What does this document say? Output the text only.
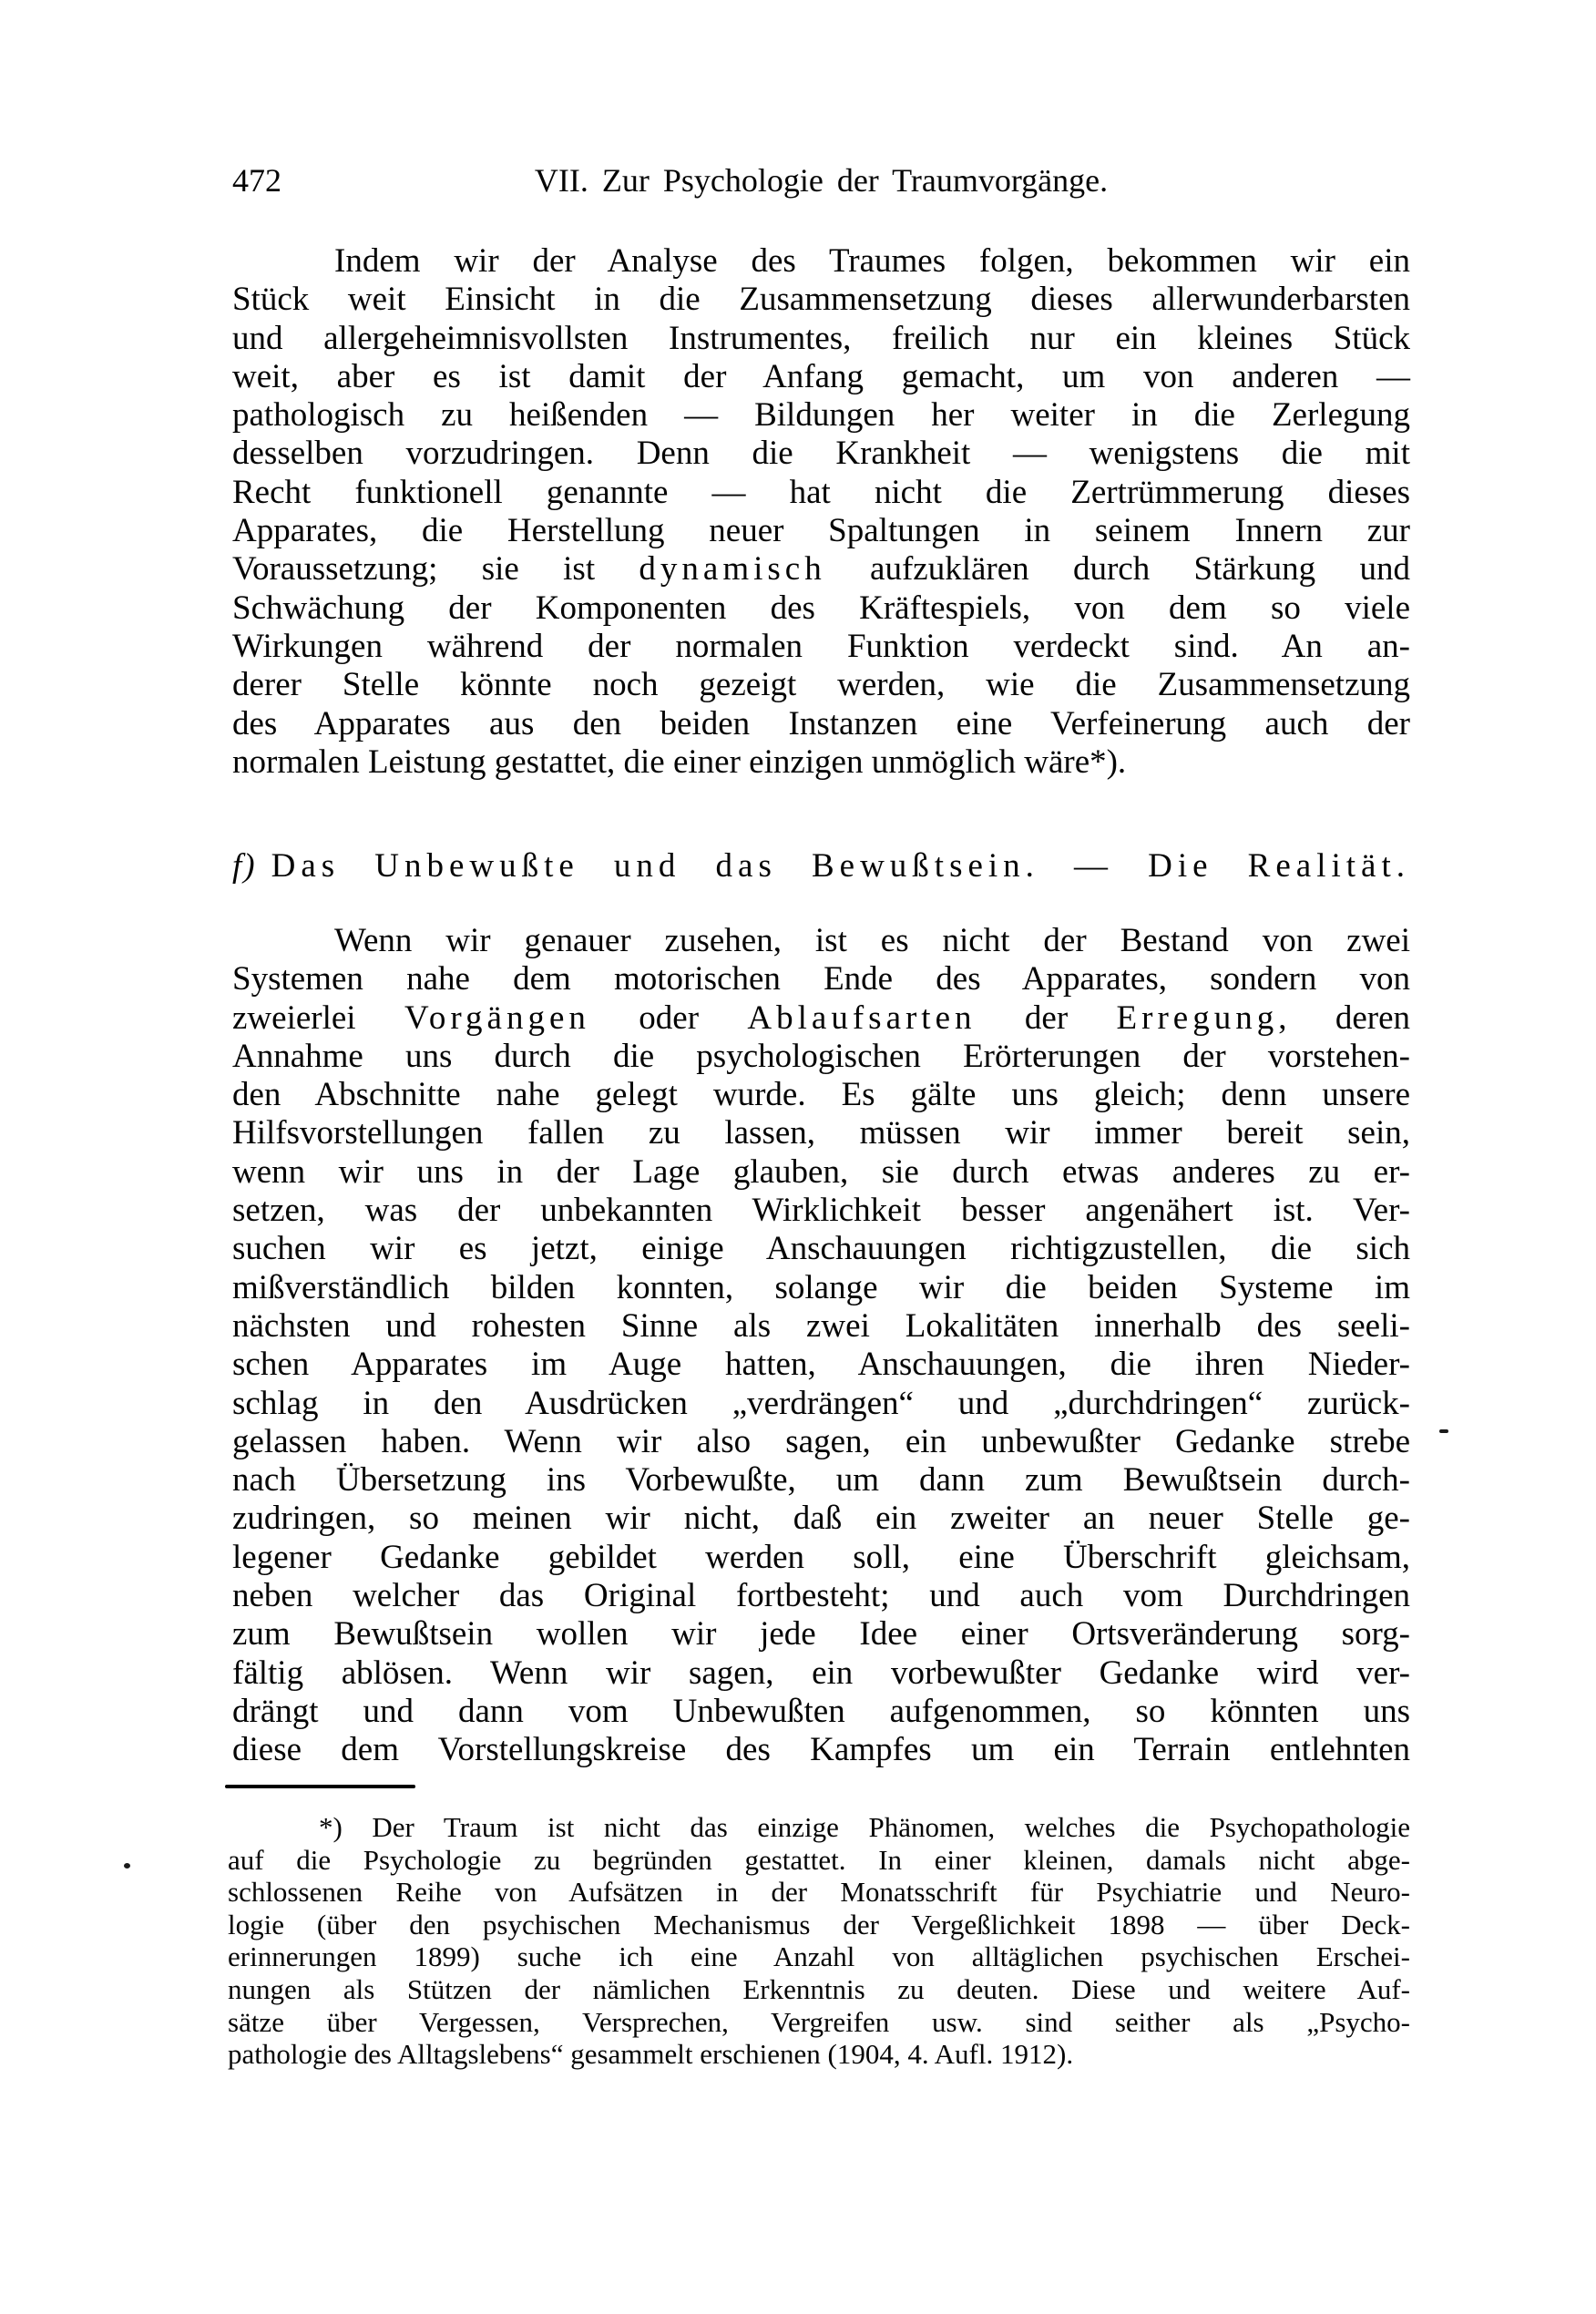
472	VII. Zur Psychologie der Traumvorgänge.
Indem wir der Analyse des Traumes folgen, bekommen wir ein
Stück weit Einsicht in die Zusammensetzung dieses allerwunderbarsten
und allergeheimnisvollsten Instrumentes, freilich nur ein kleines Stück
weit, aber es ist damit der Anfang gemacht, um von anderen —
pathologisch zu heißenden — Bildungen her weiter in die Zerlegung
desselben vorzudringen. Denn die Krankheit — wenigstens die mit
Recht funktionell genannte — hat nicht die Zertrümmerung dieses
Apparates, die Herstellung neuer Spaltungen in seinem Innern zur
Voraussetzung; sie ist dynamisch aufzuklären durch Stärkung und
Schwächung der Komponenten des Kräftespiels, von dem so viele
Wirkungen während der normalen Funktion verdeckt sind. An an-
derer Stelle könnte noch gezeigt werden, wie die Zusammensetzung
des Apparates aus den beiden Instanzen eine Verfeinerung auch der
normalen Leistung gestattet, die einer einzigen unmöglich wäre*).
f) Das Unbewußte und das Bewußtsein. — Die Realität.
Wenn wir genauer zusehen, ist es nicht der Bestand von zwei
Systemen nahe dem motorischen Ende des Apparates, sondern von
zweierlei Vorgängen oder Ablaufsarten der Erregung, deren
Annahme uns durch die psychologischen Erörterungen der vorstehen-
den Abschnitte nahe gelegt wurde. Es gälte uns gleich; denn unsere
Hilfsvorstellungen fallen zu lassen, müssen wir immer bereit sein,
wenn wir uns in der Lage glauben, sie durch etwas anderes zu er-
setzen, was der unbekannten Wirklichkeit besser angenähert ist. Ver-
suchen wir es jetzt, einige Anschauungen richtigzustellen, die sich
mißverständlich bilden konnten, solange wir die beiden Systeme im
nächsten und rohesten Sinne als zwei Lokalitäten innerhalb des seeli-
schen Apparates im Auge hatten, Anschauungen, die ihren Nieder-
schlag in den Ausdrücken „verdrängen“ und „durchdringen“ zurück-
gelassen haben. Wenn wir also sagen, ein unbewußter Gedanke strebe
nach Übersetzung ins Vorbewußte, um dann zum Bewußtsein durch-
zudringen, so meinen wir nicht, daß ein zweiter an neuer Stelle ge-
legener Gedanke gebildet werden soll, eine Überschrift gleichsam,
neben welcher das Original fortbesteht; und auch vom Durchdringen
zum Bewußtsein wollen wir jede Idee einer Ortsveränderung sorg-
fältig ablösen. Wenn wir sagen, ein vorbewußter Gedanke wird ver-
drängt und dann vom Unbewußten aufgenommen, so könnten uns
diese dem Vorstellungskreise des Kampfes um ein Terrain entlehnten
*) Der Traum ist nicht das einzige Phänomen, welches die Psychopathologie
auf die Psychologie zu begründen gestattet. In einer kleinen, damals nicht abge-
schlossenen Reihe von Aufsätzen in der Monatsschrift für Psychiatrie und Neuro-
logie (über den psychischen Mechanismus der Vergeßlichkeit 1898 — über Deck-
erinnerungen 1899) suche ich eine Anzahl von alltäglichen psychischen Erschei-
nungen als Stützen der nämlichen Erkenntnis zu deuten. Diese und weitere Auf-
sätze über Vergessen, Versprechen, Vergreifen usw. sind seither als „Psycho-
pathologie des Alltagslebens“ gesammelt erschienen (1904, 4. Aufl. 1912).
